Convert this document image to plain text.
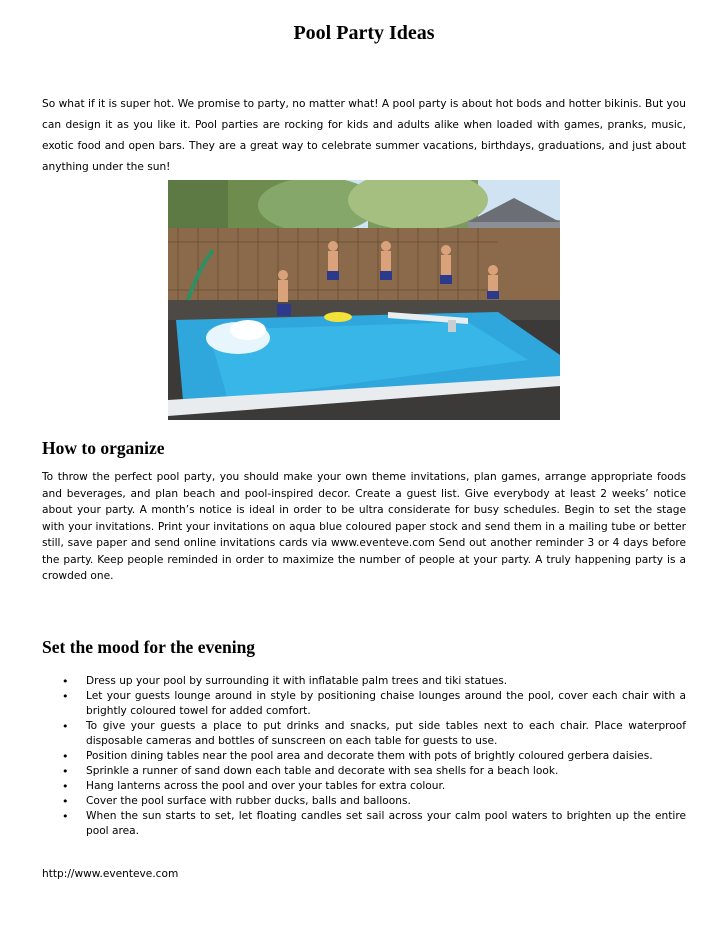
Pool Party Ideas
So what if it is super hot. We promise to party, no matter what! A pool party is about hot bods and hotter bikinis. But you can design it as you like it. Pool parties are rocking for kids and adults alike when loaded with games, pranks, music, exotic food and open bars. They are a great way to celebrate summer vacations, birthdays, graduations, and just about anything under the sun!
How to organize
To throw the perfect pool party, you should make your own theme invitations, plan games, arrange appropriate foods and beverages, and plan beach and pool-inspired decor. Create a guest list. Give everybody at least 2 weeks’ notice about your party. A month’s notice is ideal in order to be ultra considerate for busy schedules. Begin to set the stage with your invitations. Print your invitations on aqua blue coloured paper stock and send them in a mailing tube or better still, save paper and send online invitations cards via www.eventeve.com Send out another reminder 3 or 4 days before the party. Keep people reminded in order to maximize the number of people at your party. A truly happening party is a crowded one.
Set the mood for the evening
• Dress up your pool by surrounding it with inflatable palm trees and tiki statues.
• Let your guests lounge around in style by positioning chaise lounges around the pool, cover each chair with a brightly coloured towel for added comfort.
• To give your guests a place to put drinks and snacks, put side tables next to each chair. Place waterproof disposable cameras and bottles of sunscreen on each table for guests to use.
• Position dining tables near the pool area and decorate them with pots of brightly coloured gerbera daisies.
• Sprinkle a runner of sand down each table and decorate with sea shells for a beach look.
• Hang lanterns across the pool and over your tables for extra colour.
• Cover the pool surface with rubber ducks, balls and balloons.
• When the sun starts to set, let floating candles set sail across your calm pool waters to brighten up the entire pool area.
http://www.eventeve.com
